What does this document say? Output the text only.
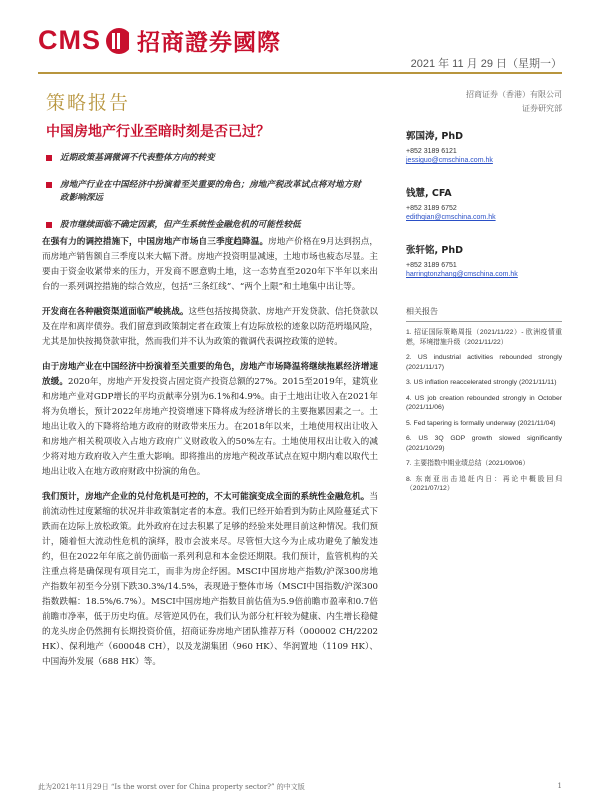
CMS 招商證券國際
2021 年 11 月 29 日（星期一）
策略报告	招商证券（香港）有限公司
证券研究部
中国房地产行业至暗时刻是否已过？
近期政策基调微调不代表整体方向的转变
房地产行业在中国经济中扮演着至关重要的角色；房地产税改革试点将对地方财政影响深远
股市继续面临不确定因素，但产生系统性金融危机的可能性较低

在强有力的调控措施下，中国房地产市场自三季度趋降温。房地产价格在9月达到拐点，而房地产销售额自三季度以来大幅下滑。房地产投资明显减速，土地市场也疲态尽显。主要由于资金收紧带来的压力，开发商不愿意购土地，这一态势直至2020年下半年以来出台的一系列调控措施的综合效应，包括“三条红线”、“两个上限”和土地集中出让等。

开发商在各种融资渠道面临严峻挑战。这些包括按揭贷款、房地产开发贷款、信托贷款以及在岸和离岸债券。我们留意到政策制定者在政策上有边际放松的迹象以防范坍塌风险，尤其是加快按揭贷款审批，然而我们并不认为政策的微调代表调控政策的逆转。

由于房地产业在中国经济中扮演着至关重要的角色，房地产市场降温将继续拖累经济增速放缓。2020年，房地产开发投资占固定资产投资总额的27%。2015至2019年，建筑业和房地产业对GDP增长的平均贡献率分别为6.1%和4.9%。由于土地出让收入在2021年将为负增长，预计2022年房地产投资增速下降将成为经济增长的主要拖累因素之一。土地出让收入的下降将给地方政府的财政带来压力。在2018年以来，土地使用权出让收入和房地产相关税项收入占地方政府广义财政收入的50%左右。土地使用权出让收入的减少将对地方政府收入产生重大影响。即将推出的房地产税改革试点在短中期内难以取代土地出让收入在地方政府财政中扮演的角色。

我们预计，房地产企业的兑付危机是可控的，不太可能演变成全面的系统性金融危机。当前流动性过度紧缩的状况并非政策制定者的本意。我们已经开始看到为防止风险蔓延式下跌而在边际上放松政策。此外政府在过去积累了足够的经验来处理目前这种情况。我们预计，随着恒大流动性危机的演绎，股市会波来尽。尽管恒大这今为止成功避免了触发违约，但在2022年年底之前仍面临一系列利息和本金偿还期限。我们预计，监管机构的关注重点将是确保现有项目完工，而非为房企纾困。MSCI中国房地产指数/沪深300房地产指数年初至今分别下跌30.3%/14.5%，表现逊于整体市场（MSCI中国指数/沪深300指数跌幅：18.5%/6.7%）。MSCI中国房地产指数目前估值为5.9倍前瞻市盈率和0.7倍前瞻市净率，低于历史均值。尽管逆风仍在，我们认为部分杠杆较为健康、内生增长稳健的龙头房企仍然拥有长期投资价值，招商证券房地产团队推荐万科（000002 CH/2202 HK）、保利地产（600048 CH），以及龙湖集团（960 HK）、华润置地（1109 HK）、中国海外发展（688 HK）等。

郭国涛, PhD
+852 3189 6121
jessiguo@cmschina.com.hk
钱慧, CFA
+852 3189 6752
edithqian@cmschina.com.hk
张轩铭, PhD
+852 3189 6751
harringtonzhang@cmschina.com.hk
相关报告
1. 招证国际策略周报（2021/11/22）- 欧洲疫情重燃，环境措施升级（2021/11/22）
2. US industrial activities rebounded strongly (2021/11/17)
3. US inflation reaccelerated strongly (2021/11/11)
4. US job creation rebounded strongly in October (2021/11/06)
5. Fed tapering is formally underway (2021/11/04)
6. US 3Q GDP growth slowed significantly (2021/10/29)
7. 主要指数中期业绩总结（2021/09/06）
8. 东南亚出击追赶内日：再论中概股回归（2021/07/12）
此为2021年11月29日 “Is the worst over for China property sector?” 的中文版	1
